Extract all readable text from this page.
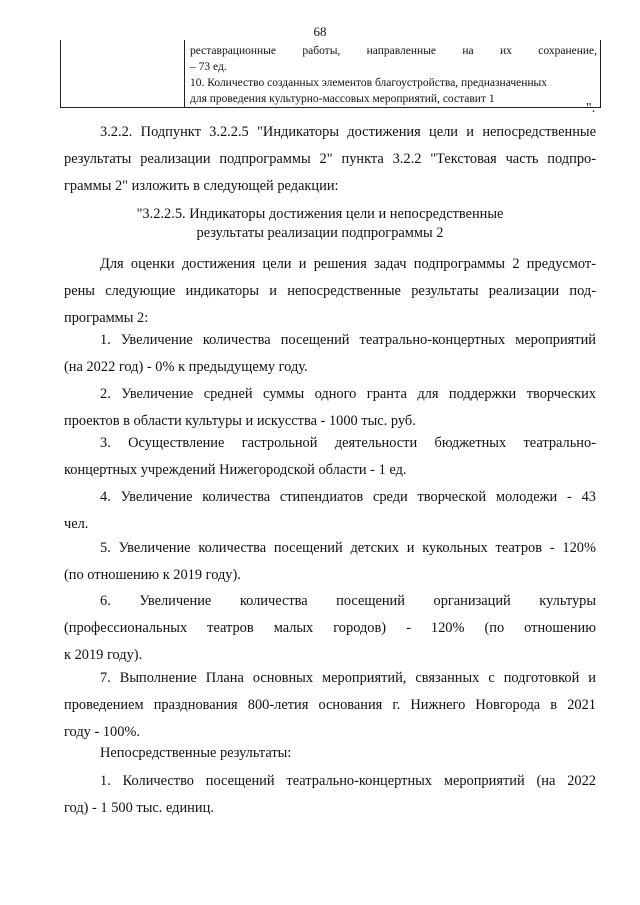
68

реставрационные работы, направленные на их сохранение,
– 73 ед.
10. Количество созданных элементов благоустройства, предназначенных
для проведения культурно-массовых мероприятий, составит 1
".
3.2.2. Подпункт 3.2.2.5 "Индикаторы достижения цели и непосредственные
результаты реализации подпрограммы 2" пункта 3.2.2 "Текстовая часть подпро-
граммы 2" изложить в следующей редакции:
"3.2.2.5. Индикаторы достижения цели и непосредственные
результаты реализации подпрограммы 2
Для оценки достижения цели и решения задач подпрограммы 2 предусмот-
рены следующие индикаторы и непосредственные результаты реализации под-
программы 2:
1. Увеличение количества посещений театрально-концертных мероприятий
(на 2022 год) - 0% к предыдущему году.
2. Увеличение средней суммы одного гранта для поддержки творческих
проектов в области культуры и искусства - 1000 тыс. руб.
3. Осуществление гастрольной деятельности бюджетных театрально-
концертных учреждений Нижегородской области - 1 ед.
4. Увеличение количества стипендиатов среди творческой молодежи - 43
чел.
5. Увеличение количества посещений детских и кукольных театров - 120%
(по отношению к 2019 году).
6. Увеличение количества посещений организаций культуры
(профессиональных театров малых городов) - 120% (по отношению
к 2019 году).
7. Выполнение Плана основных мероприятий, связанных с подготовкой и
проведением празднования 800-летия основания г. Нижнего Новгорода в 2021
году - 100%.
Непосредственные результаты:
1. Количество посещений театрально-концертных мероприятий (на 2022
год) - 1 500 тыс. единиц.
